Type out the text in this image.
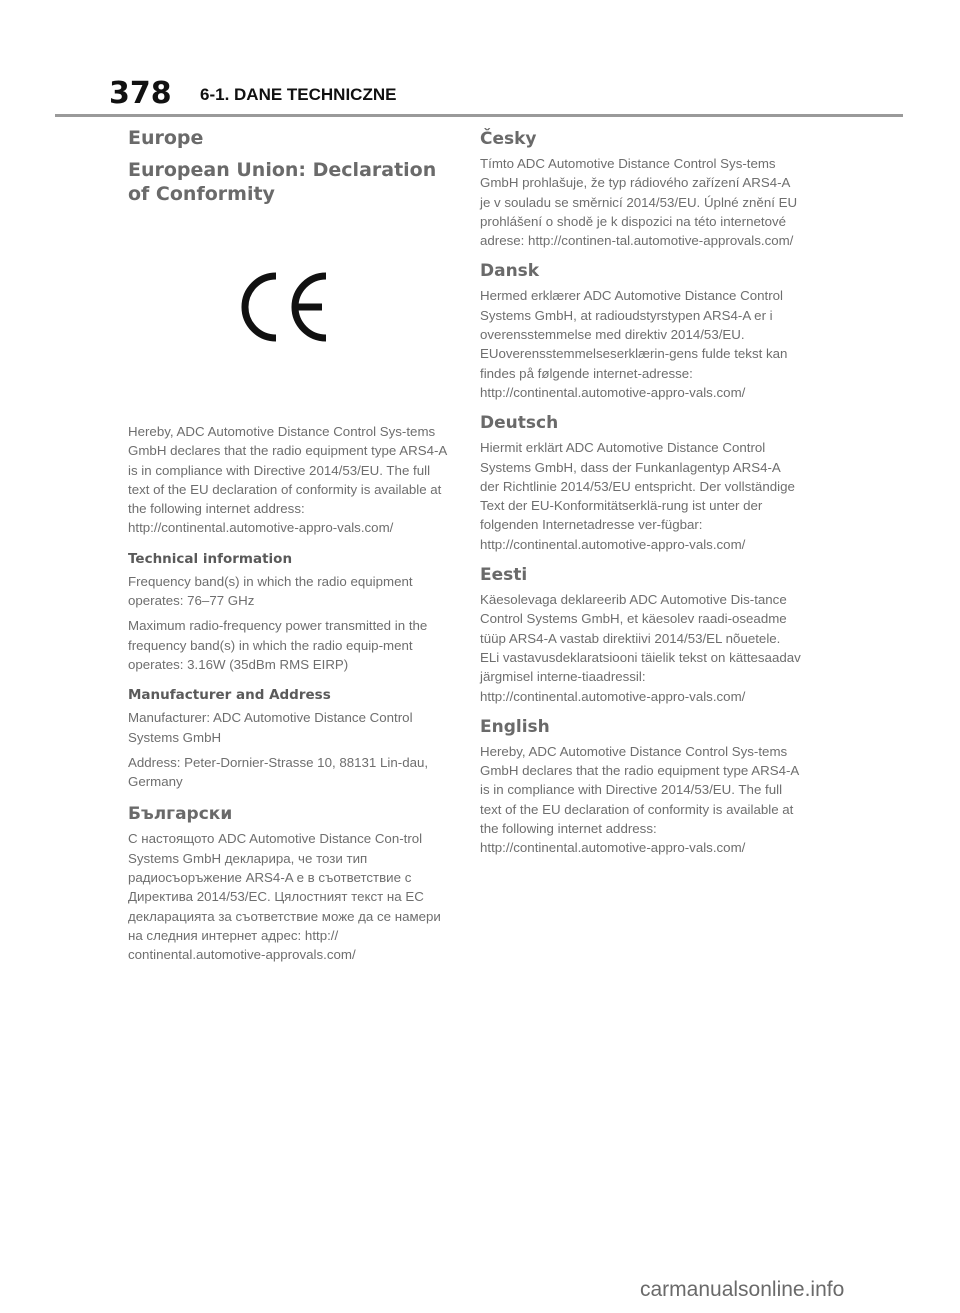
378 6-1. DANE TECHNICZNE
Europe
European Union: Declaration of Conformity

Hereby, ADC Automotive Distance Control Sys-tems GmbH declares that the radio equipment type ARS4-A is in compliance with Directive 2014/53/EU. The full text of the EU declaration of conformity is available at the following internet address: http://continental.automotive-appro-vals.com/

Technical information

Frequency band(s) in which the radio equipment operates: 76–77 GHz

Maximum radio-frequency power transmitted in the frequency band(s) in which the radio equip-ment operates: 3.16W (35dBm RMS EIRP)

Manufacturer and Address

Manufacturer: ADC Automotive Distance Control Systems GmbH

Address: Peter-Dornier-Strasse 10, 88131 Lin-dau, Germany

Български

С настоящото ADC Automotive Distance Con-trol Systems GmbH декларира, че този тип радиосъоръжение ARS4-A е в съответствие с Директива 2014/53/ЕС. Цялостният текст на ЕС декларацията за съответствие може да се намери на следния интернет адрес: http:// continental.automotive-approvals.com/

Česky

Tímto ADC Automotive Distance Control Sys-tems GmbH prohlašuje, že typ rádiového zařízení ARS4-A je v souladu se směrnicí 2014/53/EU. Úplné znění EU prohlášení o shodě je k dispozici na této internetové adrese: http://continen-tal.automotive-approvals.com/

Dansk

Hermed erklærer ADC Automotive Distance Control Systems GmbH, at radioudstyrstypen ARS4-A er i overensstemmelse med direktiv 2014/53/EU. EUoverensstemmelseserklærin-gens fulde tekst kan findes på følgende internet-adresse: http://continental.automotive-appro-vals.com/

Deutsch

Hiermit erklärt ADC Automotive Distance Control Systems GmbH, dass der Funkanlagentyp ARS4-A der Richtlinie 2014/53/EU entspricht. Der vollständige Text der EU-Konformitätserklä-rung ist unter der folgenden Internetadresse ver-fügbar: http://continental.automotive-appro-vals.com/

Eesti

Käesolevaga deklareerib ADC Automotive Dis-tance Control Systems GmbH, et käesolev raadi-oseadme tüüp ARS4-A vastab direktiivi 2014/53/EL nõuetele. ELi vastavusdeklaratsiooni täielik tekst on kättesaadav järgmisel interne-tiaadressil: http://continental.automotive-appro-vals.com/

English

Hereby, ADC Automotive Distance Control Sys-tems GmbH declares that the radio equipment type ARS4-A is in compliance with Directive 2014/53/EU. The full text of the EU declaration of conformity is available at the following internet address: http://continental.automotive-appro-vals.com/

carmanualsonline.info
